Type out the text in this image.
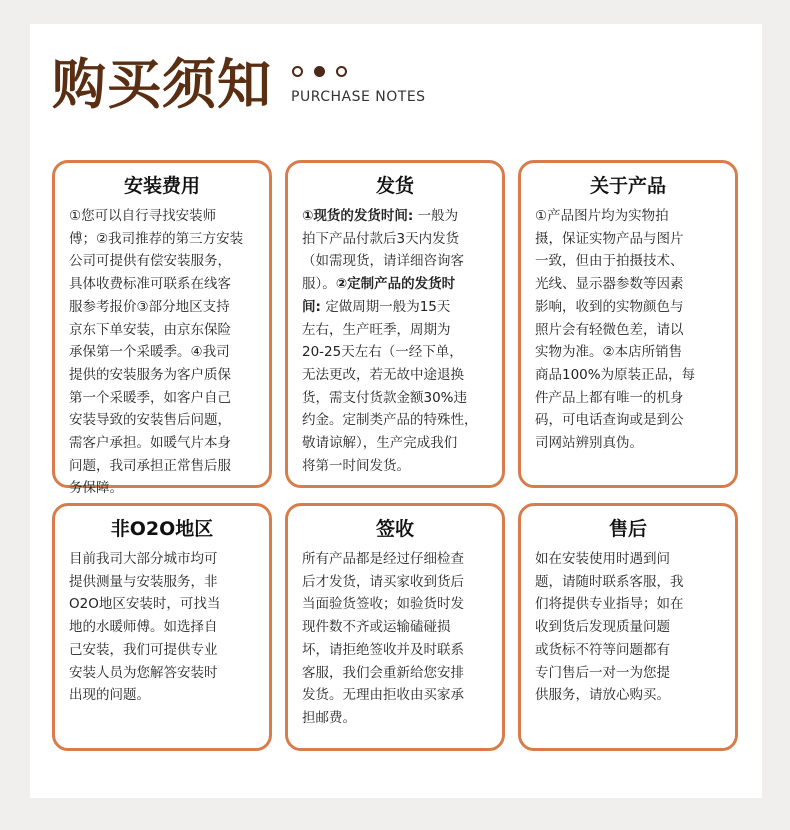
购买须知 PURCHASE NOTES
安装费用
①您可以自行寻找安装师
傅；②我司推荐的第三方安装
公司可提供有偿安装服务，
具体收费标准可联系在线客
服参考报价③部分地区支持
京东下单安装，由京东保险
承保第一个采暖季。④我司
提供的安装服务为客户质保
第一个采暖季，如客户自己
安装导致的安装售后问题，
需客户承担。如暖气片本身
问题，我司承担正常售后服
务保障。
发货
①现货的发货时间: 一般为
拍下产品付款后3天内发货
（如需现货，请详细咨询客
服）。②定制产品的发货时
间: 定做周期一般为15天
左右，生产旺季，周期为
20-25天左右（一经下单，
无法更改，若无故中途退换
货，需支付货款金额30%违
约金。定制类产品的特殊性，
敬请谅解），生产完成我们
将第一时间发货。
关于产品
①产品图片均为实物拍
摄，保证实物产品与图片
一致，但由于拍摄技术、
光线、显示器参数等因素
影响，收到的实物颜色与
照片会有轻微色差，请以
实物为准。②本店所销售
商品100%为原装正品，每
件产品上都有唯一的机身
码，可电话查询或是到公
司网站辨别真伪。
非O2O地区
目前我司大部分城市均可
提供测量与安装服务，非
O2O地区安装时，可找当
地的水暖师傅。如选择自
己安装，我们可提供专业
安装人员为您解答安装时
出现的问题。
签收
所有产品都是经过仔细检查
后才发货，请买家收到货后
当面验货签收；如验货时发
现件数不齐或运输磕碰损
坏，请拒绝签收并及时联系
客服，我们会重新给您安排
发货。无理由拒收由买家承
担邮费。
售后
如在安装使用时遇到问
题，请随时联系客服，我
们将提供专业指导；如在
收到货后发现质量问题
或货标不符等问题都有
专门售后一对一为您提
供服务，请放心购买。
